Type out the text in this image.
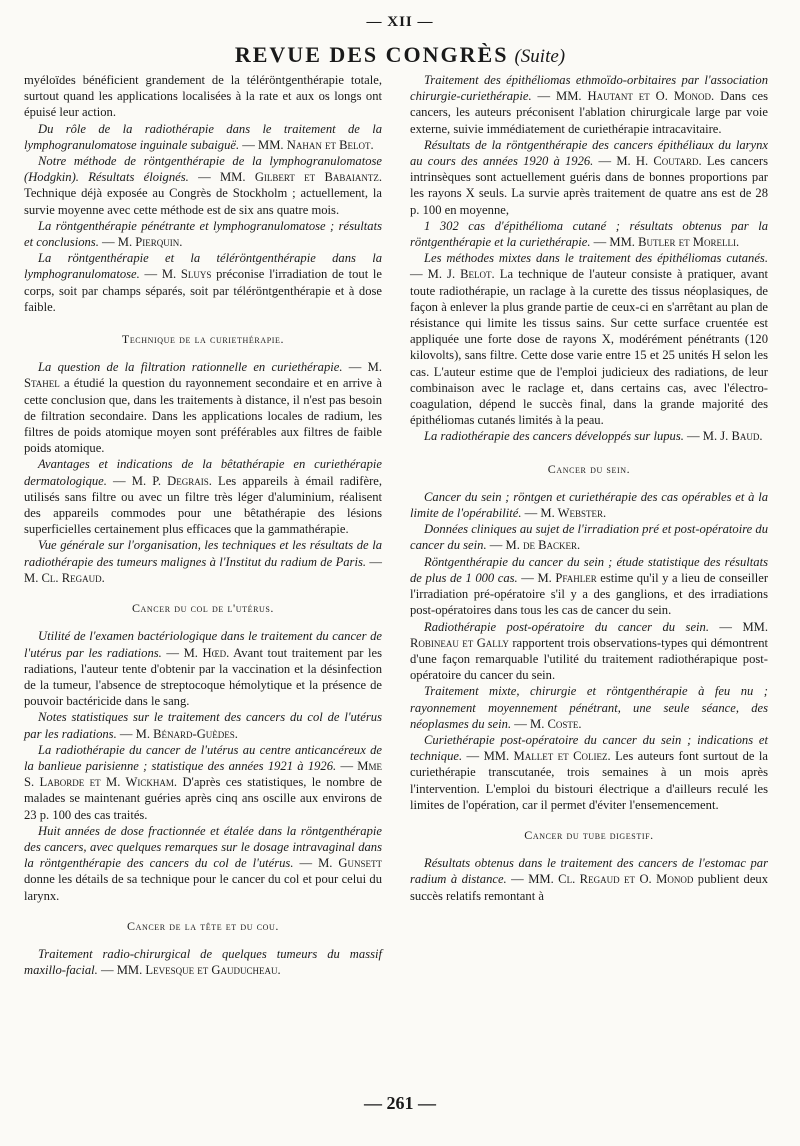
— XII —
REVUE DES CONGRÈS (Suite)

myéloïdes bénéficient grandement de la téléröntgenthérapie totale, surtout quand les applications localisées à la rate et aux os longs ont épuisé leur action.

Du rôle de la radiothérapie dans le traitement de la lymphogranulomatose inguinale subaiguë. — MM. Nahan et Belot.

Notre méthode de röntgenthérapie de la lymphogranulomatose (Hodgkin). Résultats éloignés. — MM. Gilbert et Babaiantz. Technique déjà exposée au Congrès de Stockholm ; actuellement, la survie moyenne avec cette méthode est de six ans quatre mois.

La röntgenthérapie pénétrante et lymphogranulomatose ; résultats et conclusions. — M. Pierquin.

La röntgenthérapie et la téléröntgenthérapie dans la lymphogranulomatose. — M. Sluys préconise l'irradiation de tout le corps, soit par champs séparés, soit par téléröntgenthérapie et à dose faible.

Technique de la curiethérapie.

La question de la filtration rationnelle en curiethérapie. — M. Stahel a étudié la question du rayonnement secondaire et en arrive à cette conclusion que, dans les traitements à distance, il n'est pas besoin de filtration secondaire. Dans les applications locales de radium, les filtres de poids atomique moyen sont préférables aux filtres de faible poids atomique.

Avantages et indications de la bêtathérapie en curiethérapie dermatologique. — M. P. Degrais. Les appareils à émail radifère, utilisés sans filtre ou avec un filtre très léger d'aluminium, réalisent des appareils commodes pour une bêtathérapie des lésions superficielles certainement plus efficaces que la gammathérapie.

Vue générale sur l'organisation, les techniques et les résultats de la radiothérapie des tumeurs malignes à l'Institut du radium de Paris. — M. Cl. Regaud.

Cancer du col de l'utérus.

Utilité de l'examen bactériologique dans le traitement du cancer de l'utérus par les radiations. — M. Hœd. Avant tout traitement par les radiations, l'auteur tente d'obtenir par la vaccination et la désinfection de la tumeur, l'absence de streptocoque hémolytique et la présence de pouvoir bactéricide dans le sang.

Notes statistiques sur le traitement des cancers du col de l'utérus par les radiations. — M. Bénard-Guèdes.

La radiothérapie du cancer de l'utérus au centre anticancéreux de la banlieue parisienne ; statistique des années 1921 à 1926. — Mme S. Laborde et M. Wickham. D'après ces statistiques, le nombre de malades se maintenant guéries après cinq ans oscille aux environs de 23 p. 100 des cas traités.

Huit années de dose fractionnée et étalée dans la röntgenthérapie des cancers, avec quelques remarques sur le dosage intravaginal dans la röntgenthérapie des cancers du col de l'utérus. — M. Gunsett donne les détails de sa technique pour le cancer du col et pour celui du larynx.

Cancer de la tête et du cou.

Traitement radio-chirurgical de quelques tumeurs du massif maxillo-facial. — MM. Levesque et Gauducheau.

Traitement des épithéliomas ethmoïdo-orbitaires par l'association chirurgie-curiethérapie. — MM. Hautant et O. Monod. Dans ces cancers, les auteurs préconisent l'ablation chirurgicale large par voie externe, suivie immédiatement de curiethérapie intracavitaire.

Résultats de la röntgenthérapie des cancers épithéliaux du larynx au cours des années 1920 à 1926. — M. H. Coutard. Les cancers intrinsèques sont actuellement guéris dans de bonnes proportions par les rayons X seuls. La survie après traitement de quatre ans est de 28 p. 100 en moyenne,

1 302 cas d'épithélioma cutané ; résultats obtenus par la röntgenthérapie et la curiethérapie. — MM. Butler et Morelli.

Les méthodes mixtes dans le traitement des épithéliomas cutanés. — M. J. Belot. La technique de l'auteur consiste à pratiquer, avant toute radiothérapie, un raclage à la curette des tissus néoplasiques, de façon à enlever la plus grande partie de ceux-ci en s'arrêtant au plan de résistance qui limite les tissus sains. Sur cette surface cruentée est appliquée une forte dose de rayons X, modérément pénétrants (120 kilovolts), sans filtre. Cette dose varie entre 15 et 25 unités H selon les cas. L'auteur estime que de l'emploi judicieux des radiations, de leur combinaison avec le raclage et, dans certains cas, avec l'électro-coagulation, dépend le succès final, dans la grande majorité des épithéliomas cutanés limités à la peau.

La radiothérapie des cancers développés sur lupus. — M. J. Baud.

Cancer du sein.

Cancer du sein ; röntgen et curiethérapie des cas opérables et à la limite de l'opérabilité. — M. Webster.

Données cliniques au sujet de l'irradiation pré et post-opératoire du cancer du sein. — M. de Backer.

Röntgenthérapie du cancer du sein ; étude statistique des résultats de plus de 1 000 cas. — M. Pfahler estime qu'il y a lieu de conseiller l'irradiation pré-opératoire s'il y a des ganglions, et des irradiations post-opératoires dans tous les cas de cancer du sein.

Radiothérapie post-opératoire du cancer du sein. — MM. Robineau et Gally rapportent trois observations-types qui démontrent d'une façon remarquable l'utilité du traitement radiothérapique post-opératoire du cancer du sein.

Traitement mixte, chirurgie et röntgenthérapie à feu nu ; rayonnement moyennement pénétrant, une seule séance, des néoplasmes du sein. — M. Coste.

Curiethérapie post-opératoire du cancer du sein ; indications et technique. — MM. Mallet et Coliez. Les auteurs font surtout de la curiethérapie transcutanée, trois semaines à un mois après l'intervention. L'emploi du bistouri électrique a d'ailleurs reculé les limites de l'opération, car il permet d'éviter l'ensemencement.

Cancer du tube digestif.

Résultats obtenus dans le traitement des cancers de l'estomac par radium à distance. — MM. Cl. Regaud et O. Monod publient deux succès relatifs remontant à

— 261 —
